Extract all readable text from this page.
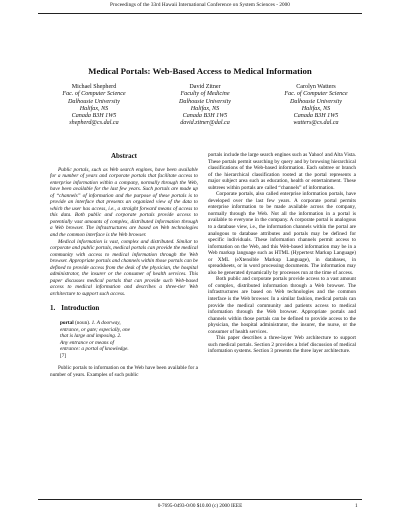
Proceedings of the 33rd Hawaii International Conference on System Sciences - 2000
Medical Portals: Web-Based Access to Medical Information
Michael Shepherd
Fac. of Computer Science
Dalhousie University
Halifax, NS
Canada B3H 1W5
shepherd@cs.dal.ca
David Zitner
Faculty of Medicine
Dalhousie University
Halifax, NS
Canada B3H 1W5
david.zitner@dal.ca
Carolyn Watters
Fac. of Computer Science
Dalhousie University
Halifax, NS
Canada B3H 1W5
watters@cs.dal.ca
Abstract

Public portals, such as Web search engines, have been available for a number of years and corporate portals that facilitate access to enterprise information within a company, normally through the Web, have been available for the last few years. Such portals are made up of “channels” of information and the purpose of these portals is to provide an interface that presents an organized view of the data to which the user has access, i.e., a straight forward means of access to this data. Both public and corporate portals provide access to potentially vast amounts of complex, distributed information through a Web browser. The infrastructures are based on Web technologies and the common interface is the Web browser.

Medical information is vast, complex and distributed. Similar to corporate and public portals, medical portals can provide the medical community with access to medical information through the Web browser. Appropriate portals and channels within those portals can be defined to provide access from the desk of the physician, the hospital administrator, the insurer or the consumer of health services. This paper discusses medical portals that can provide such Web-based access to medical information and describes a three-tier Web architecture to support such access.

1. Introduction
portal (noun). 1. A doorway, entrance, or gate; especially, one that is large and imposing. 2. Any entrance or means of entrance: a portal of knowledge. [7]

Public portals to information on the Web have been available for a number of years. Examples of such public

portals include the large search engines such as Yahoo! and Alta Vista. These portals permit searching by query and by browsing hierarchical classifications of the Web-based information. Each subtree or branch of the hierarchical classification rooted at the portal represents a major subject area such as education, health or entertainment. These subtrees within portals are called “channels” of information.

Corporate portals, also called enterprise information portals, have developed over the last few years. A corporate portal permits enterprise information to be made available across the company, normally through the Web. Not all the information in a portal is available to everyone in the company. A corporate portal is analogous to a database view, i.e., the information channels within the portal are analogous to database attributes and portals may be defined for specific individuals. These information channels permit access to information on the Web, and this Web-based information may be in a Web markup language such as HTML (Hypertext Markup Language) or XML (eXtensible Markup Language), in databases, in spreadsheets, or in word processing documents. The information may also be generated dynamically by processes run at the time of access.

Both public and corporate portals provide access to a vast amount of complex, distributed information through a Web browser. The infrastructures are based on Web technologies and the common interface is the Web browser. In a similar fashion, medical portals can provide the medical community and patients access to medical information through the Web browser. Appropriate portals and channels within those portals can be defined to provide access to the physician, the hospital administrator, the insurer, the nurse, or the consumer of health services.

This paper describes a three-layer Web architecture to support such medical portals. Section 2 provides a brief discussion of medical information systems. Section 3 presents the three layer architecture.

0-7695-0493-0/00 $10.00 (c) 2000 IEEE	1
